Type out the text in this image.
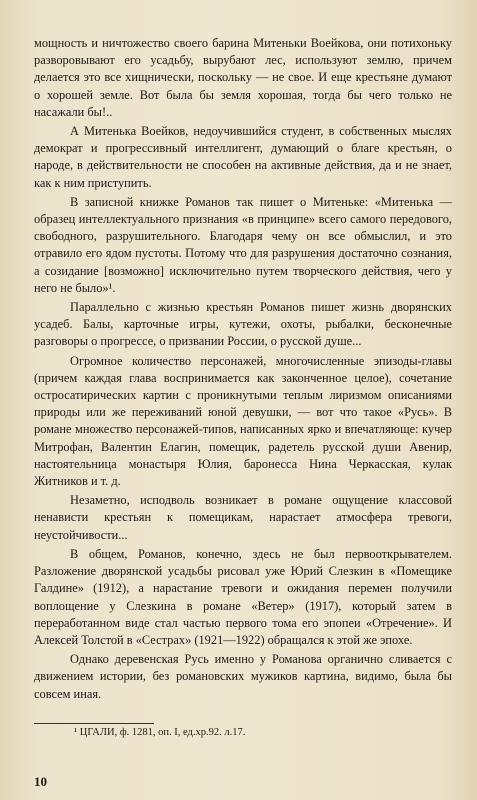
мощность и ничтожество своего барина Митеньки Воейкова, они потихоньку разворовывают его усадьбу, вырубают лес, используют землю, причем делается это все хищнически, поскольку — не свое. И еще крестьяне думают о хорошей земле. Вот была бы земля хорошая, тогда бы чего только не насажали бы!..

А Митенька Воейков, недоучившийся студент, в собственных мыслях демократ и прогрессивный интеллигент, думающий о благе крестьян, о народе, в действительности не способен на активные действия, да и не знает, как к ним приступить.

В записной книжке Романов так пишет о Митеньке: «Митенька — образец интеллектуального признания «в принципе» всего самого передового, свободного, разрушительного. Благодаря чему он все обмыслил, и это отравило его ядом пустоты. Потому что для разрушения достаточно сознания, а созидание [возможно] исключительно путем творческого действия, чего у него не было»¹.

Параллельно с жизнью крестьян Романов пишет жизнь дворянских усадеб. Балы, карточные игры, кутежи, охоты, рыбалки, бесконечные разговоры о прогрессе, о призвании России, о русской душе...

Огромное количество персонажей, многочисленные эпизоды-главы (причем каждая глава воспринимается как законченное целое), сочетание остросатирических картин с проникнутыми теплым лиризмом описаниями природы или же переживаний юной девушки, — вот что такое «Русь». В романе множество персонажей-типов, написанных ярко и впечатляюще: кучер Митрофан, Валентин Елагин, помещик, радетель русской души Авенир, настоятельница монастыря Юлия, баронесса Нина Черкасская, кулак Житников и т. д.

Незаметно, исподволь возникает в романе ощущение классовой ненависти крестьян к помещикам, нарастает атмосфера тревоги, неустойчивости...

В общем, Романов, конечно, здесь не был первооткрывателем. Разложение дворянской усадьбы рисовал уже Юрий Слезкин в «Помещике Галдине» (1912), а нарастание тревоги и ожидания перемен получили воплощение у Слезкина в романе «Ветер» (1917), который затем в переработанном виде стал частью первого тома его эпопеи «Отречение». И Алексей Толстой в «Сестрах» (1921—1922) обращался к этой же эпохе.

Однако деревенская Русь именно у Романова органично сливается с движением истории, без романовских мужиков картина, видимо, была бы совсем иная.

¹ ЦГАЛИ, ф. 1281, оп. I, ед.хр.92. л.17.
10
